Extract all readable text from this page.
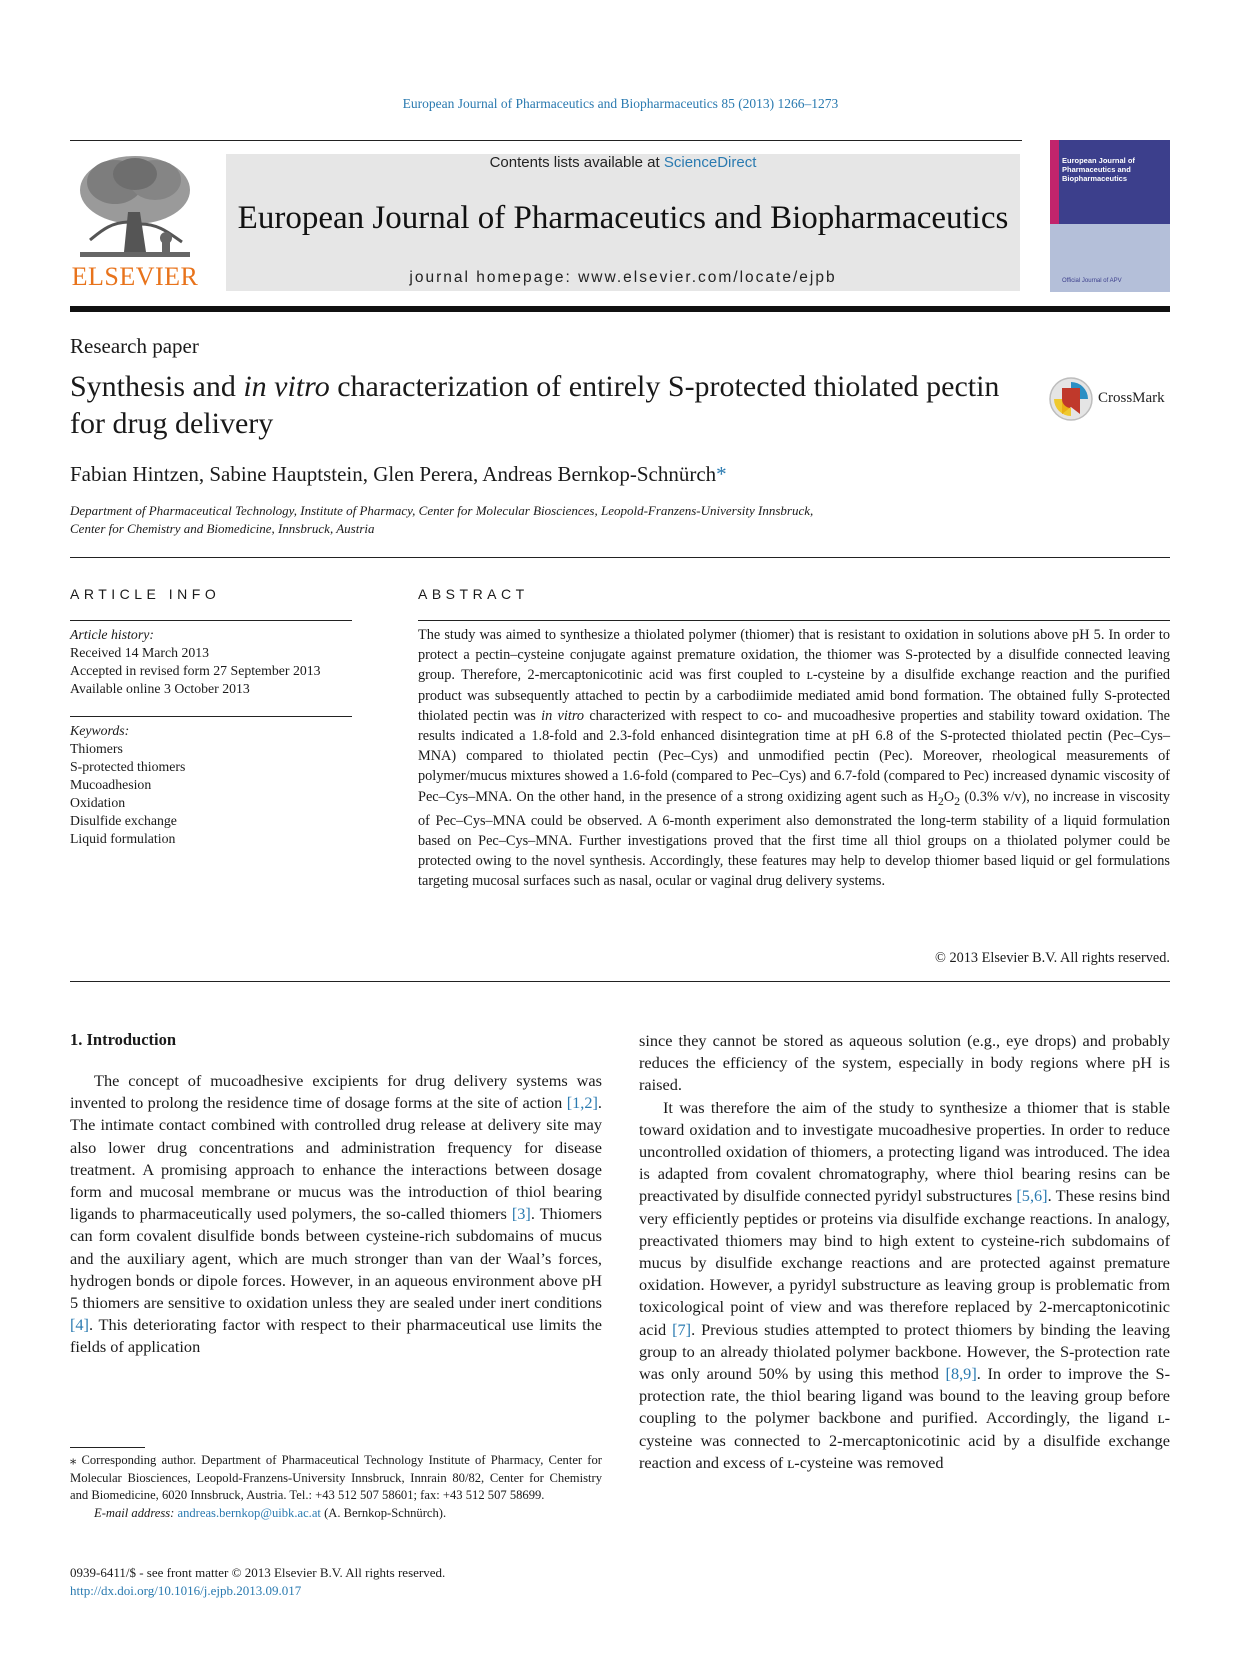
European Journal of Pharmaceutics and Biopharmaceutics 85 (2013) 1266–1273
ELSEVIER
Contents lists available at ScienceDirect
European Journal of Pharmaceutics and Biopharmaceutics
journal homepage: www.elsevier.com/locate/ejpb
European Journal of Pharmaceutics and Biopharmaceutics
Official Journal of APV
Research paper
Synthesis and in vitro characterization of entirely S-protected thiolated pectin for drug delivery
CrossMark
Fabian Hintzen, Sabine Hauptstein, Glen Perera, Andreas Bernkop-Schnürch*
Department of Pharmaceutical Technology, Institute of Pharmacy, Center for Molecular Biosciences, Leopold-Franzens-University Innsbruck,
Center for Chemistry and Biomedicine, Innsbruck, Austria
ARTICLE INFO
Article history:
Received 14 March 2013
Accepted in revised form 27 September 2013
Available online 3 October 2013
Keywords:
Thiomers
S-protected thiomers
Mucoadhesion
Oxidation
Disulfide exchange
Liquid formulation
ABSTRACT
The study was aimed to synthesize a thiolated polymer (thiomer) that is resistant to oxidation in solutions above pH 5. In order to protect a pectin–cysteine conjugate against premature oxidation, the thiomer was S-protected by a disulfide connected leaving group. Therefore, 2-mercaptonicotinic acid was first coupled to ʟ-cysteine by a disulfide exchange reaction and the purified product was subsequently attached to pectin by a carbodiimide mediated amid bond formation. The obtained fully S-protected thiolated pectin was in vitro characterized with respect to co- and mucoadhesive properties and stability toward oxidation. The results indicated a 1.8-fold and 2.3-fold enhanced disintegration time at pH 6.8 of the S-protected thiolated pectin (Pec–Cys–MNA) compared to thiolated pectin (Pec–Cys) and unmodified pectin (Pec). Moreover, rheological measurements of polymer/mucus mixtures showed a 1.6-fold (compared to Pec–Cys) and 6.7-fold (compared to Pec) increased dynamic viscosity of Pec–Cys–MNA. On the other hand, in the presence of a strong oxidizing agent such as $H_2O_2$ (0.3% v/v), no increase in viscosity of Pec–Cys–MNA could be observed. A 6-month experiment also demonstrated the long-term stability of a liquid formulation based on Pec–Cys–MNA. Further investigations proved that the first time all thiol groups on a thiolated polymer could be protected owing to the novel synthesis. Accordingly, these features may help to develop thiomer based liquid or gel formulations targeting mucosal surfaces such as nasal, ocular or vaginal drug delivery systems.
© 2013 Elsevier B.V. All rights reserved.
1. Introduction

The concept of mucoadhesive excipients for drug delivery systems was invented to prolong the residence time of dosage forms at the site of action [1,2]. The intimate contact combined with controlled drug release at delivery site may also lower drug concentrations and administration frequency for disease treatment. A promising approach to enhance the interactions between dosage form and mucosal membrane or mucus was the introduction of thiol bearing ligands to pharmaceutically used polymers, the so-called thiomers [3]. Thiomers can form covalent disulfide bonds between cysteine-rich subdomains of mucus and the auxiliary agent, which are much stronger than van der Waal’s forces, hydrogen bonds or dipole forces. However, in an aqueous environment above pH 5 thiomers are sensitive to oxidation unless they are sealed under inert conditions [4]. This deteriorating factor with respect to their pharmaceutical use limits the fields of application

since they cannot be stored as aqueous solution (e.g., eye drops) and probably reduces the efficiency of the system, especially in body regions where pH is raised.

It was therefore the aim of the study to synthesize a thiomer that is stable toward oxidation and to investigate mucoadhesive properties. In order to reduce uncontrolled oxidation of thiomers, a protecting ligand was introduced. The idea is adapted from covalent chromatography, where thiol bearing resins can be preactivated by disulfide connected pyridyl substructures [5,6]. These resins bind very efficiently peptides or proteins via disulfide exchange reactions. In analogy, preactivated thiomers may bind to high extent to cysteine-rich subdomains of mucus by disulfide exchange reactions and are protected against premature oxidation. However, a pyridyl substructure as leaving group is problematic from toxicological point of view and was therefore replaced by 2-mercaptonicotinic acid [7]. Previous studies attempted to protect thiomers by binding the leaving group to an already thiolated polymer backbone. However, the S-protection rate was only around 50% by using this method [8,9]. In order to improve the S-protection rate, the thiol bearing ligand was bound to the leaving group before coupling to the polymer backbone and purified. Accordingly, the ligand ʟ-cysteine was connected to 2-mercaptonicotinic acid by a disulfide exchange reaction and excess of ʟ-cysteine was removed

⁎ Corresponding author. Department of Pharmaceutical Technology Institute of Pharmacy, Center for Molecular Biosciences, Leopold-Franzens-University Innsbruck, Innrain 80/82, Center for Chemistry and Biomedicine, 6020 Innsbruck, Austria. Tel.: +43 512 507 58601; fax: +43 512 507 58699.

E-mail address: andreas.bernkop@uibk.ac.at (A. Bernkop-Schnürch).

0939-6411/$ - see front matter © 2013 Elsevier B.V. All rights reserved.
http://dx.doi.org/10.1016/j.ejpb.2013.09.017
